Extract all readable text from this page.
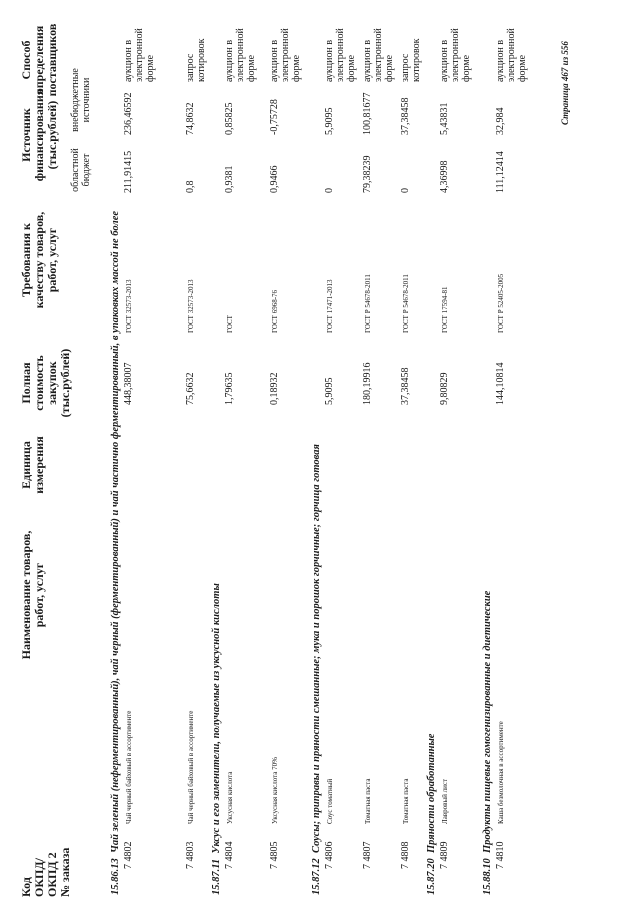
Код ОКПД/ ОКПД 2 № заказа
Наименование товаров, работ, услуг
Единица измерения
Полная стоимость закупок (тыс.рублей)
Требования к качеству товаров, работ, услуг
Источник финансирования (тыс.рублей)
областной бюджет
внебюджетные источники
Способ определения поставщиков
15.86.13  Чай зеленый (неферментированный), чай черный (ферментированный) и чай частично ферментированный, в упаковках массой не более
7 4802
Чай черный байховый в ассортименте
448,38007
ГОСТ 32573-2013
211,91415
236,46592
аукцион в электронной форме
7 4803
Чай черный байховый в ассортименте
75,6632
ГОСТ 32573-2013
0,8
74,8632
запрос котировок
15.87.11  Уксус и его заменители, получаемые из уксусной кислоты
7 4804
Уксусная кислота
1,79635
ГОСТ
0,9381
0,85825
аукцион в электронной форме
7 4805
Уксусная кислота 70%
0,18932
ГОСТ 6968-76
0,9466
-0,75728
аукцион в электронной форме
15.87.12  Соусы; приправы и пряности смешанные; мука и порошок горчичные; горчица готовая
7 4806
Соус томатный
5,9095
ГОСТ 17471-2013
0
5,9095
аукцион в электронной форме
7 4807
Томатная паста
180,19916
ГОСТ Р 54678-2011
79,38239
100,81677
аукцион в электронной форме
7 4808
Томатная паста
37,38458
ГОСТ Р 54678-2011
0
37,38458
запрос котировок
15.87.20  Пряности обработанные
7 4809
Лавровый лист
9,80829
ГОСТ 17594-81
4,36998
5,43831
аукцион в электронной форме
15.88.10  Продукты пищевые гомогенизированные и диетические
7 4810
Каша безмолочная в ассортименте
144,10814
ГОСТ Р 52405-2005
111,12414
32,984
аукцион в электронной форме	Страница 467 из 556
